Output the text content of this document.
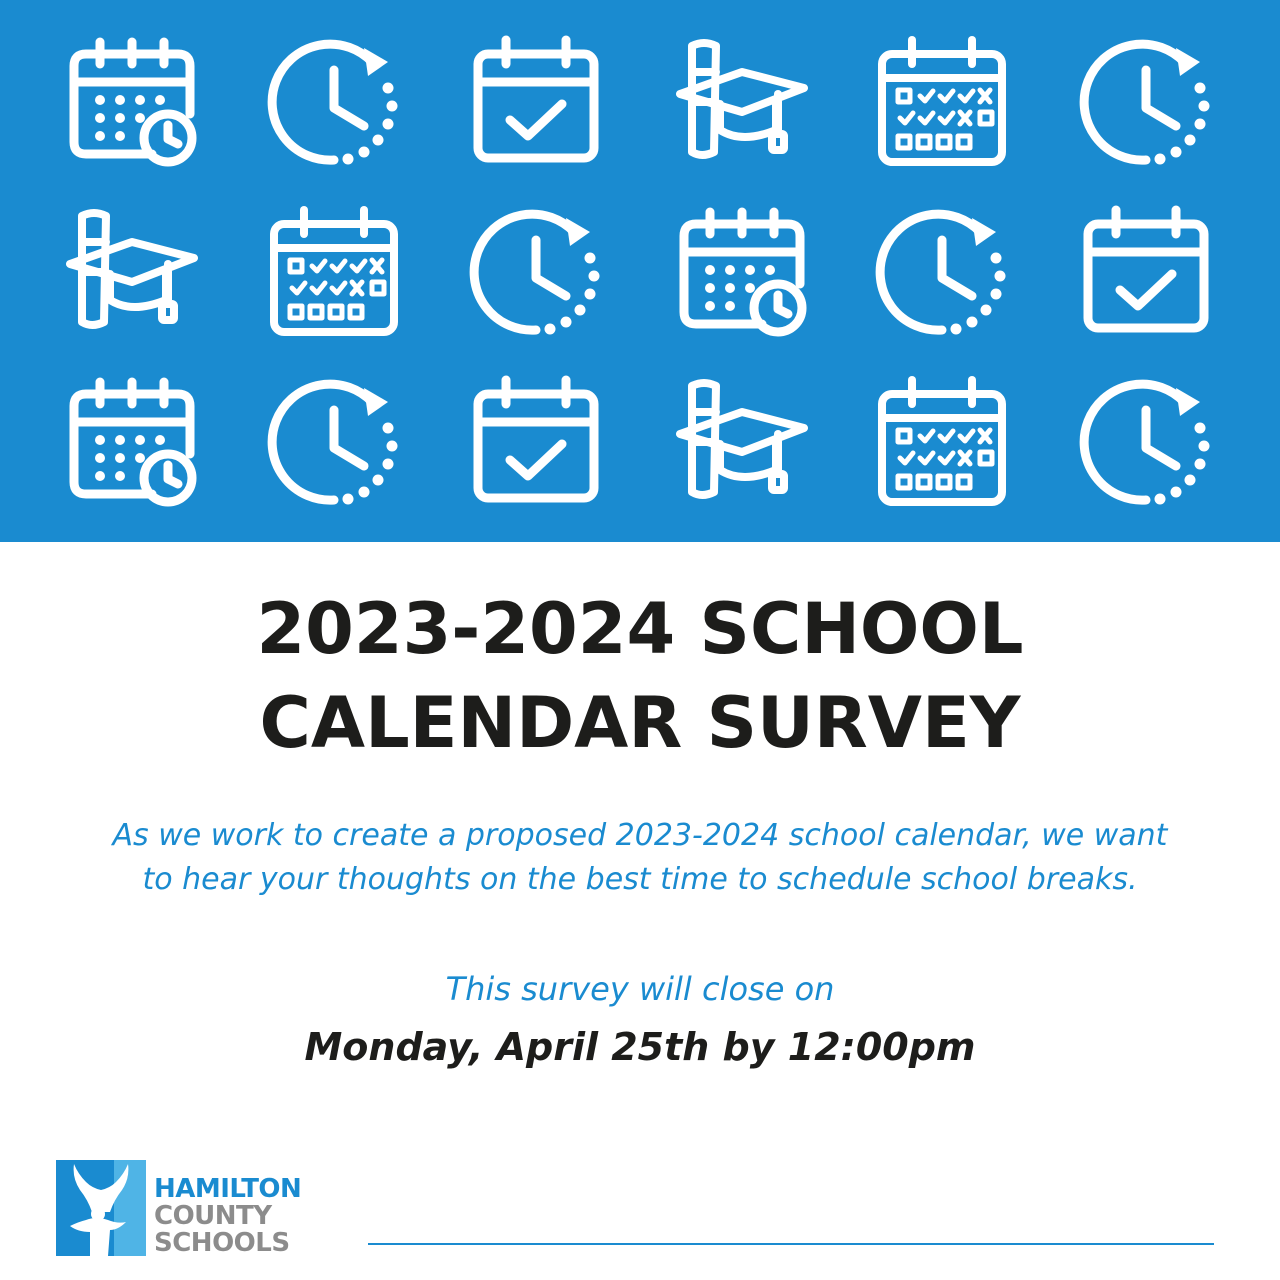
2023-2024 SCHOOL
CALENDAR SURVEY
As we work to create a proposed 2023-2024 school calendar, we want
to hear your thoughts on the best time to schedule school breaks.
This survey will close on
Monday, April 25th by 12:00pm
HAMILTON
COUNTY
SCHOOLS
